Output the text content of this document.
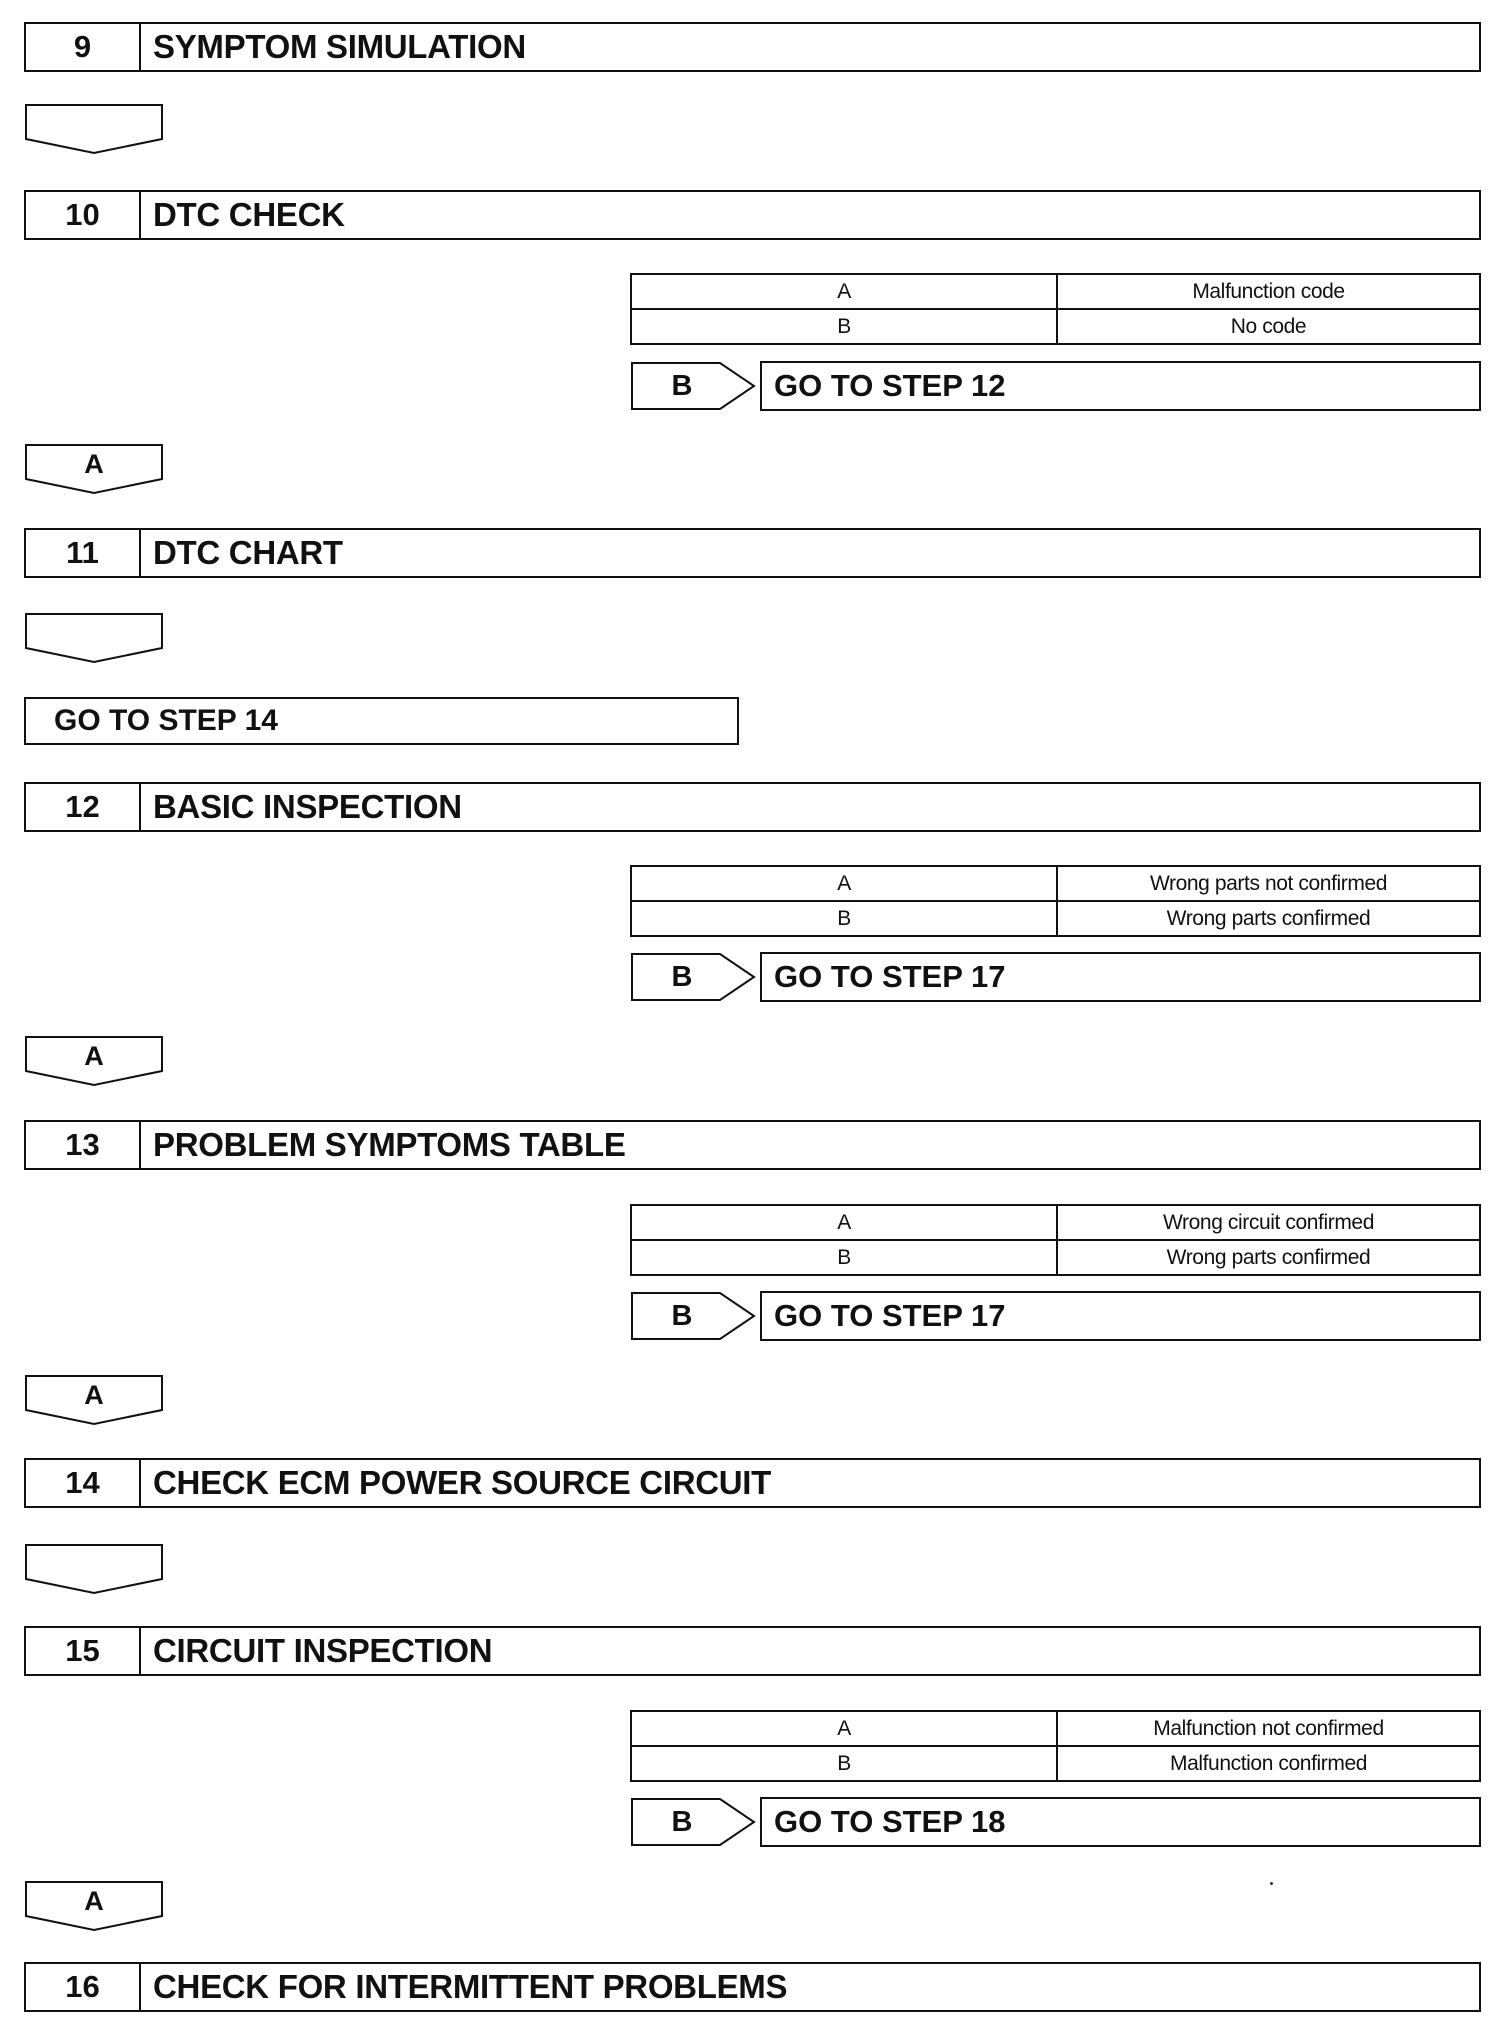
9	SYMPTOM SIMULATION
10	DTC CHECK
A	Malfunction code
B	No code
B	GO TO STEP 12
A
11	DTC CHART
GO TO STEP 14
12	BASIC INSPECTION
A	Wrong parts not confirmed
B	Wrong parts confirmed
B	GO TO STEP 17
A
13	PROBLEM SYMPTOMS TABLE
A	Wrong circuit confirmed
B	Wrong parts confirmed
B	GO TO STEP 17
A
14	CHECK ECM POWER SOURCE CIRCUIT
15	CIRCUIT INSPECTION
A	Malfunction not confirmed
B	Malfunction confirmed
B	GO TO STEP 18
A
16	CHECK FOR INTERMITTENT PROBLEMS
